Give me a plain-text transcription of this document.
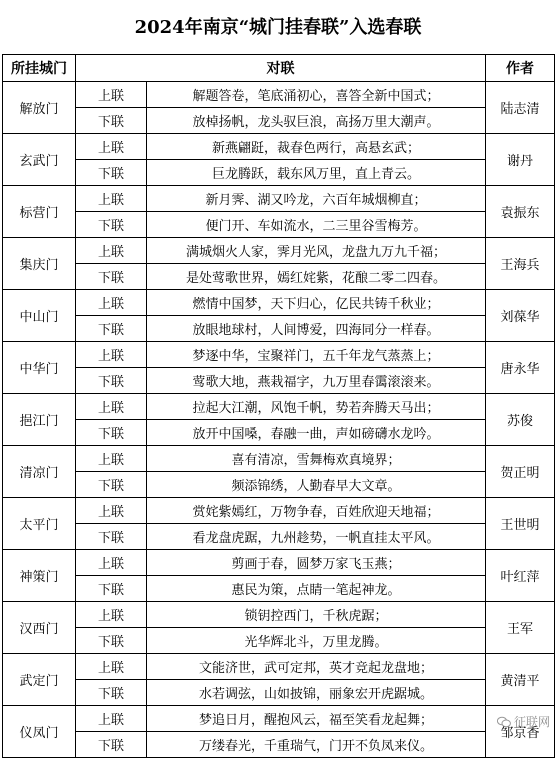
2024年南京“城门挂春联”入选春联
所挂城门	对联		作者
解放门	上联	解题答卷，笔底涌初心，喜答全新中国式；	陆志清
	下联	放棹扬帆，龙头驭巨浪，高扬万里大潮声。	
玄武门	上联	新燕翩跹，裁春色两行，高悬玄武；	谢丹
	下联	巨龙腾跃，载东风万里，直上青云。	
标营门	上联	新月霁、湖又吟龙，六百年城烟柳直；	袁振东
	下联	便门开、车如流水，二三里谷雪梅芳。	
集庆门	上联	满城烟火人家，霁月光风，龙盘九万九千福；	王海兵
	下联	是处莺歌世界，嫣红姹紫，花酿二零二四春。	
中山门	上联	燃情中国梦，天下归心，亿民共铸千秋业；	刘葆华
	下联	放眼地球村，人间博爱，四海同分一样春。	
中华门	上联	梦逐中华，宝聚祥门，五千年龙气蒸蒸上；	唐永华
	下联	莺歌大地，燕栽福字，九万里春霭滚滚来。	
挹江门	上联	拉起大江潮，风饱千帆，势若奔腾天马出；	苏俊
	下联	放开中国嗓，春融一曲，声如磅礴水龙吟。	
清凉门	上联	喜有清凉，雪舞梅欢真境界；	贺正明
	下联	频添锦绣，人勤春早大文章。	
太平门	上联	赏姹紫嫣红，万物争春，百姓欣迎天地福；	王世明
	下联	看龙盘虎踞，九州趁势，一帆直挂太平风。	
神策门	上联	剪画于春，圆梦万家飞玉燕；	叶红萍
	下联	惠民为策，点睛一笔起神龙。	
汉西门	上联	锁钥控西门，千秋虎踞；	王军
	下联	光华辉北斗，万里龙腾。	
武定门	上联	文能济世，武可定邦，英才竞起龙盘地；	黄清平
	下联	水若调弦，山如披锦，丽象宏开虎踞城。	
仪凤门	上联	梦追日月，醒抱风云，福至笑看龙起舞；	邹京香
	下联	万缕春光，千重瑞气，门开不负凤来仪。	
征联网
